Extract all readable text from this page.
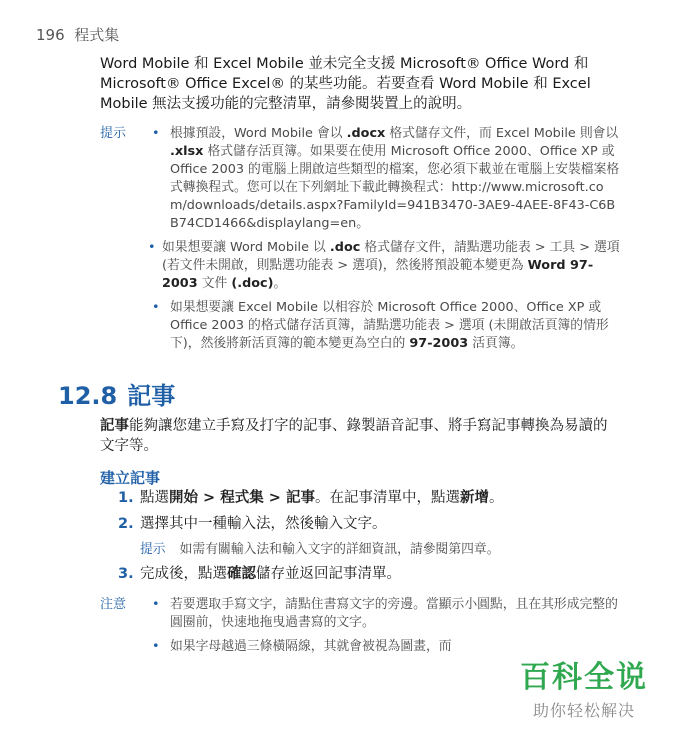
196 程式集
Word Mobile 和 Excel Mobile 並未完全支援 Microsoft® Office Word 和 Microsoft® Office Excel® 的某些功能。若要查看 Word Mobile 和 Excel Mobile 無法支援功能的完整清單，請參閱裝置上的說明。
提示 • 根據預設，Word Mobile 會以 .docx 格式儲存文件，而 Excel Mobile 則會以 .xlsx 格式儲存活頁簿。如果要在使用 Microsoft Office 2000、Office XP 或 Office 2003 的電腦上開啟這些類型的檔案，您必須下載並在電腦上安裝檔案格式轉換程式。您可以在下列網址下載此轉換程式：http://www.microsoft.com/downloads/details.aspx?FamilyId=941B3470-3AE9-4AEE-8F43-C6BB74CD1466&displaylang=en。
• 如果想要讓 Word Mobile 以 .doc 格式儲存文件，請點選功能表 > 工具 > 選項 (若文件未開啟，則點選功能表 > 選項)，然後將預設範本變更為 Word 97-2003 文件 (.doc)。
• 如果想要讓 Excel Mobile 以相容於 Microsoft Office 2000、Office XP 或 Office 2003 的格式儲存活頁簿，請點選功能表 > 選項 (未開啟活頁簿的情形下)，然後將新活頁簿的範本變更為空白的 97-2003 活頁簿。
12.8 記事
記事能夠讓您建立手寫及打字的記事、錄製語音記事、將手寫記事轉換為易讀的文字等。
建立記事
1. 點選開始 > 程式集 > 記事。在記事清單中，點選新增。
2. 選擇其中一種輸入法，然後輸入文字。
提示 如需有關輸入法和輸入文字的詳細資訊，請參閱第四章。
3. 完成後，點選確認儲存並返回記事清單。
注意 • 若要選取手寫文字，請點住書寫文字的旁邊。當顯示小圓點，且在其形成完整的圓圈前，快速地拖曳過書寫的文字。
• 如果字母越過三條橫隔線，其就會被視為圖畫，而
百科全说
助你轻松解决
